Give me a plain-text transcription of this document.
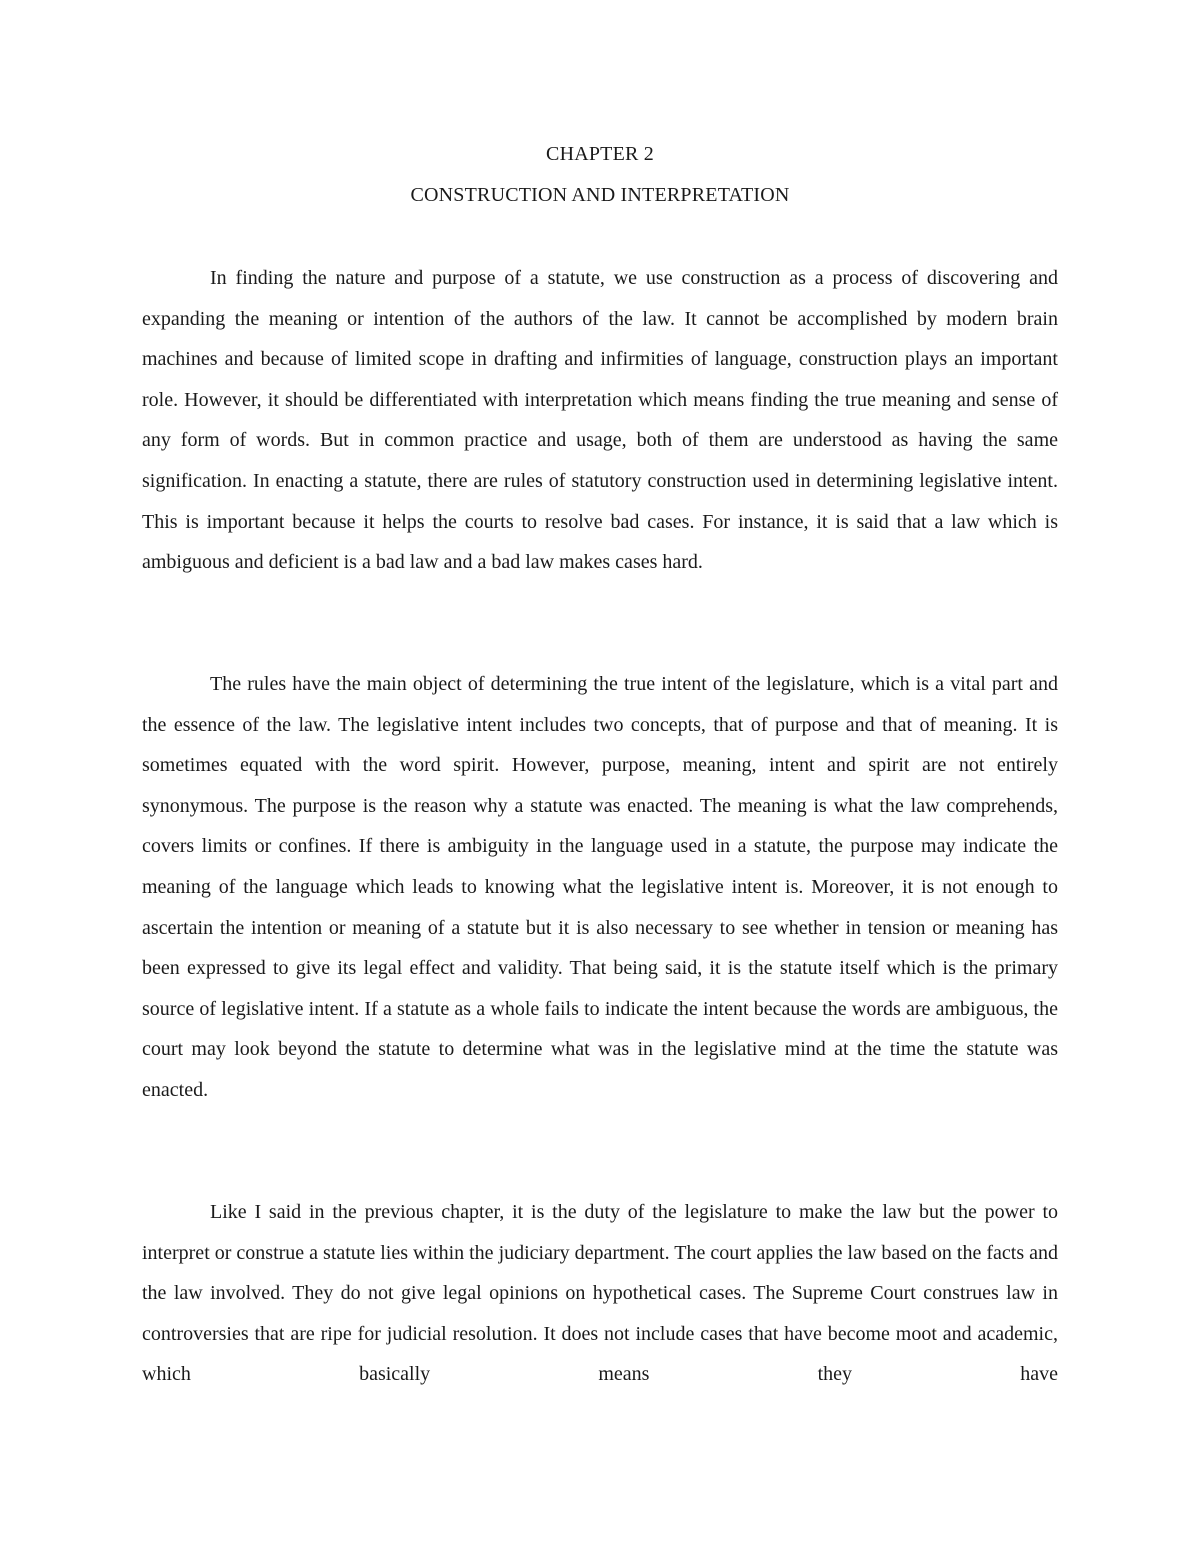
CHAPTER 2
CONSTRUCTION AND INTERPRETATION

In finding the nature and purpose of a statute, we use construction as a process of discovering and expanding the meaning or intention of the authors of the law. It cannot be accomplished by modern brain machines and because of limited scope in drafting and infirmities of language, construction plays an important role. However, it should be differentiated with interpretation which means finding the true meaning and sense of any form of words. But in common practice and usage, both of them are understood as having the same signification. In enacting a statute, there are rules of statutory construction used in determining legislative intent. This is important because it helps the courts to resolve bad cases. For instance, it is said that a law which is ambiguous and deficient is a bad law and a bad law makes cases hard.

The rules have the main object of determining the true intent of the legislature, which is a vital part and the essence of the law. The legislative intent includes two concepts, that of purpose and that of meaning. It is sometimes equated with the word spirit. However, purpose, meaning, intent and spirit are not entirely synonymous. The purpose is the reason why a statute was enacted. The meaning is what the law comprehends, covers limits or confines. If there is ambiguity in the language used in a statute, the purpose may indicate the meaning of the language which leads to knowing what the legislative intent is. Moreover, it is not enough to ascertain the intention or meaning of a statute but it is also necessary to see whether in tension or meaning has been expressed to give its legal effect and validity. That being said, it is the statute itself which is the primary source of legislative intent. If a statute as a whole fails to indicate the intent because the words are ambiguous, the court may look beyond the statute to determine what was in the legislative mind at the time the statute was enacted.

Like I said in the previous chapter, it is the duty of the legislature to make the law but the power to interpret or construe a statute lies within the judiciary department. The court applies the law based on the facts and the law involved. They do not give legal opinions on hypothetical cases. The Supreme Court construes law in controversies that are ripe for judicial resolution. It does not include cases that have become moot and academic, which basically means they have
